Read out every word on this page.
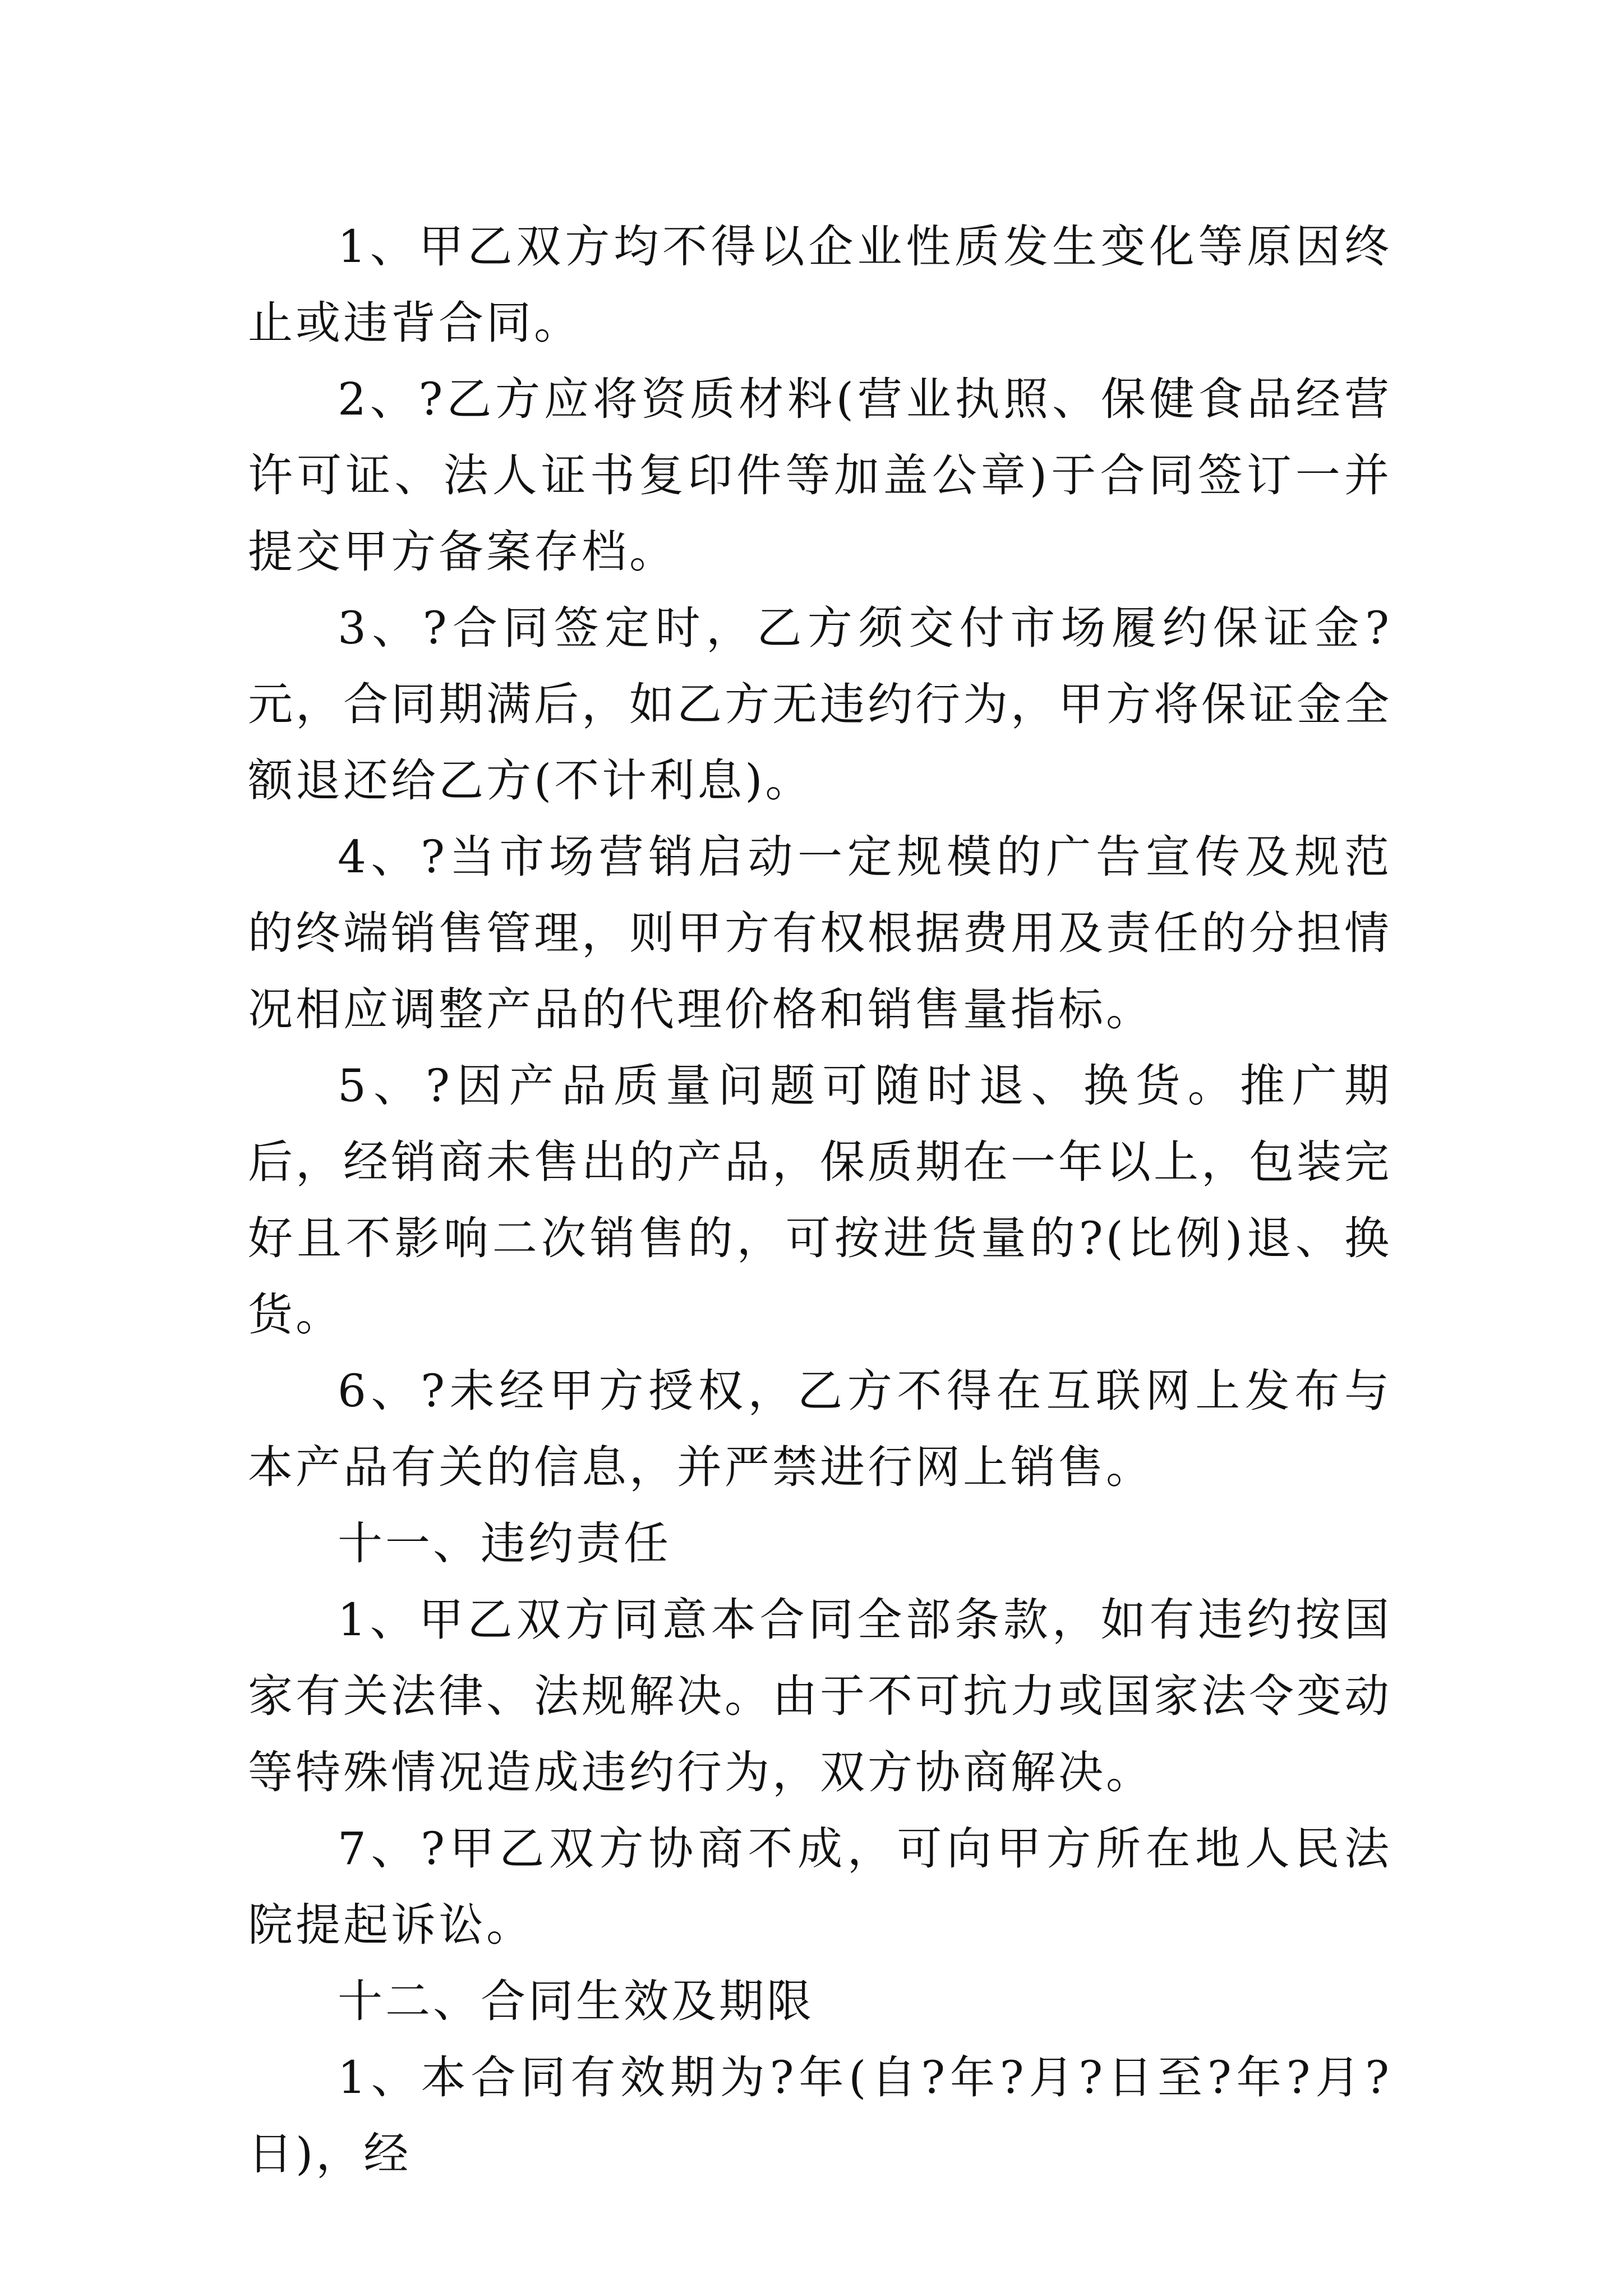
1、甲乙双方均不得以企业性质发生变化等原因终止或违背合同。

2、?乙方应将资质材料(营业执照、保健食品经营许可证、法人证书复印件等加盖公章)于合同签订一并提交甲方备案存档。

3、?合同签定时，乙方须交付市场履约保证金?元，合同期满后，如乙方无违约行为，甲方将保证金全额退还给乙方(不计利息)。

4、?当市场营销启动一定规模的广告宣传及规范的终端销售管理，则甲方有权根据费用及责任的分担情况相应调整产品的代理价格和销售量指标。

5、?因产品质量问题可随时退、换货。推广期后，经销商未售出的产品，保质期在一年以上，包装完好且不影响二次销售的，可按进货量的?(比例)退、换货。

6、?未经甲方授权，乙方不得在互联网上发布与本产品有关的信息，并严禁进行网上销售。

十一、违约责任

1、甲乙双方同意本合同全部条款，如有违约按国家有关法律、法规解决。由于不可抗力或国家法令变动等特殊情况造成违约行为，双方协商解决。

7、?甲乙双方协商不成，可向甲方所在地人民法院提起诉讼。

十二、合同生效及期限

1、本合同有效期为?年(自?年?月?日至?年?月?日)，经
